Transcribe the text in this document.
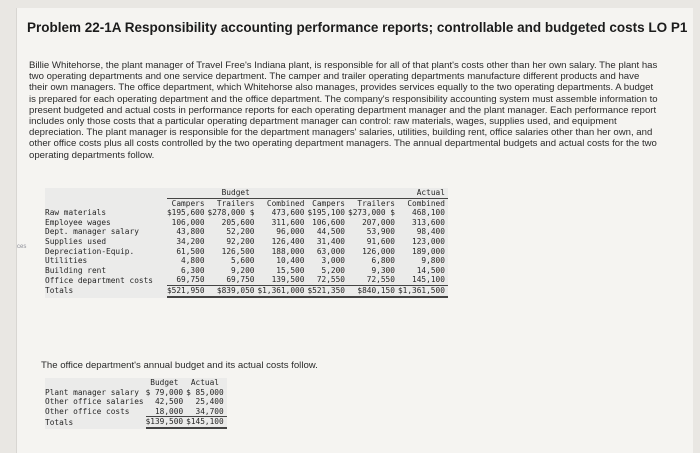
Problem 22-1A Responsibility accounting performance reports; controllable and budgeted costs LO P1
Billie Whitehorse, the plant manager of Travel Free's Indiana plant, is responsible for all of that plant's costs other than her own salary. The plant has two operating departments and one service department. The camper and trailer operating departments manufacture different products and have their own managers. The office department, which Whitehorse also manages, provides services equally to the two operating departments. A budget is prepared for each operating department and the office department. The company's responsibility accounting system must assemble information to present budgeted and actual costs in performance reports for each operating department manager and the plant manager. Each performance report includes only those costs that a particular operating department manager can control: raw materials, wages, supplies used, and equipment depreciation. The plant manager is responsible for the department managers' salaries, utilities, building rent, office salaries other than her own, and other office costs plus all costs controlled by the two operating department managers. The annual departmental budgets and actual costs for the two operating departments follow.
ces
	Budget			Actual		
	Campers	Trailers	Combined	Campers	Trailers	Combined
Raw materials	$195,600	$278,000 $	473,600	$195,100	$273,000 $	468,100
Employee wages	106,000	205,600	311,600	106,600	207,000	313,600
Dept. manager salary	43,800	52,200	96,000	44,500	53,900	98,400
Supplies used	34,200	92,200	126,400	31,400	91,600	123,000
Depreciation-Equip.	61,500	126,500	188,000	63,000	126,000	189,000
Utilities	4,800	5,600	10,400	3,000	6,800	9,800
Building rent	6,300	9,200	15,500	5,200	9,300	14,500
Office department costs	69,750	69,750	139,500	72,550	72,550	145,100
Totals	$521,950	$839,050	$1,361,000	$521,350	$840,150	$1,361,500
The office department's annual budget and its actual costs follow.
	Budget	Actual
Plant manager salary	$ 79,000	$ 85,000
Other office salaries	42,500	25,400
Other office costs	18,000	34,700
Totals	$139,500	$145,100
